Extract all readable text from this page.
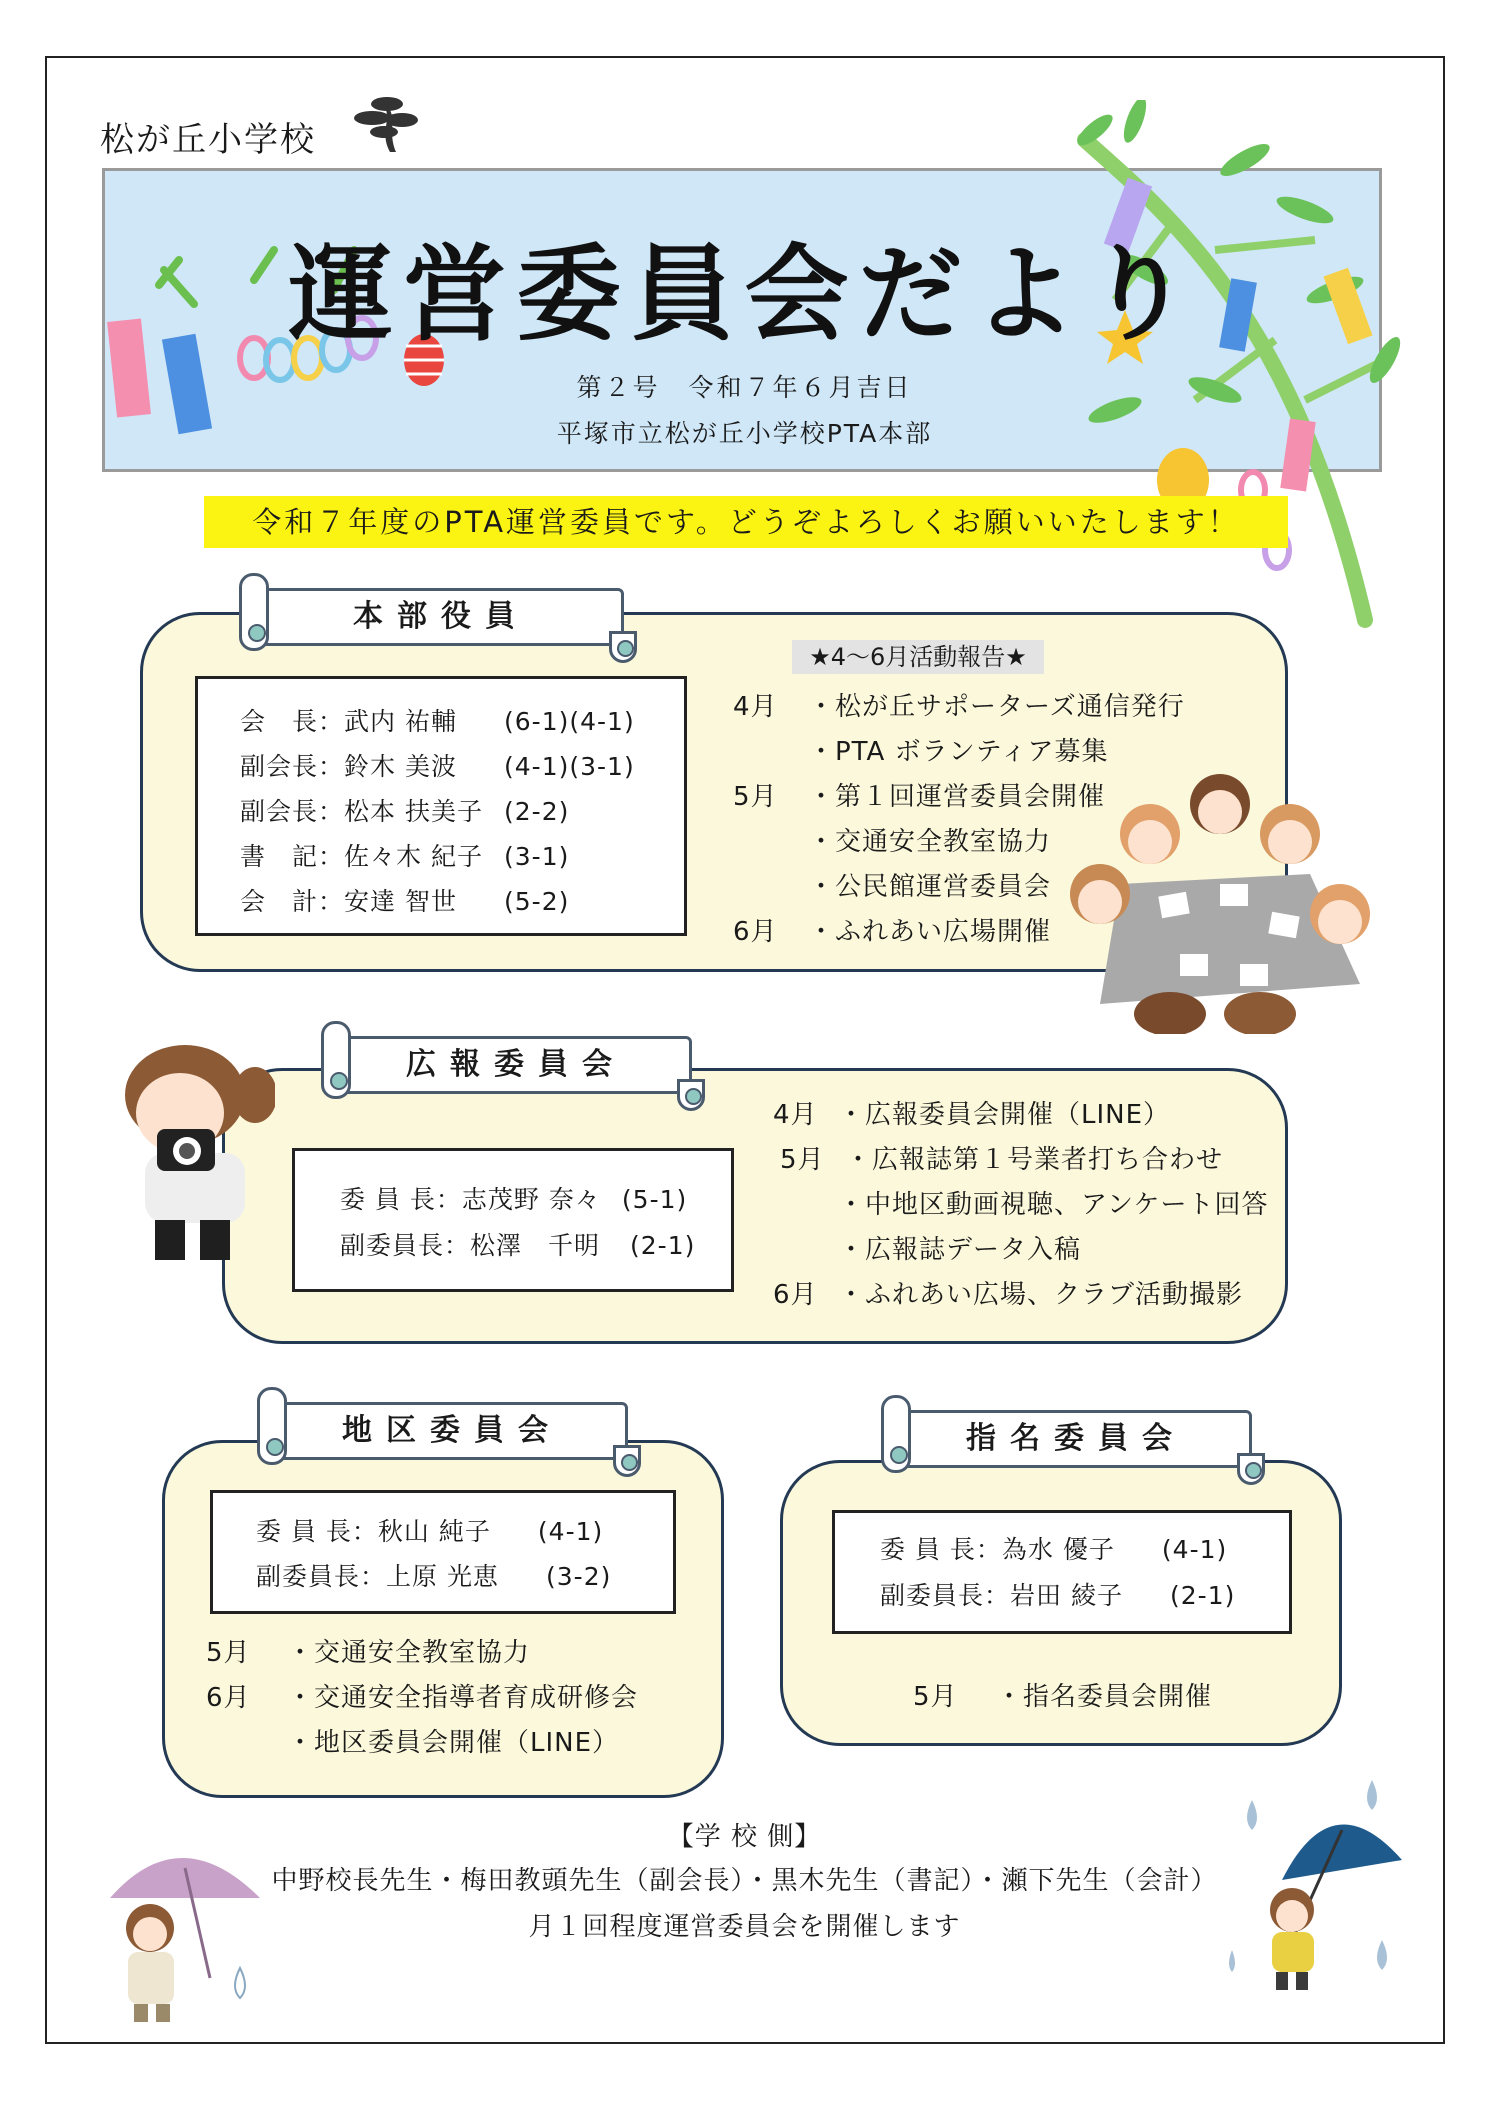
松が丘小学校
運営委員会だより
第２号　令和７年６月吉日
平塚市立松が丘小学校PTA本部
令和７年度のPTA運営委員です。どうぞよろしくお願いいたします！
本部役員
会　長：武内 祐輔 (6-1)(4-1)
副会長：鈴木 美波 (4-1)(3-1)
副会長：松本 扶美子 (2-2)
書　記：佐々木 紀子 (3-1)
会　計：安達 智世 (5-2)
★4～6月活動報告★
4月 ・松が丘サポーターズ通信発行
・PTA ボランティア募集
5月 ・第１回運営委員会開催
・交通安全教室協力
・公民館運営委員会
6月 ・ふれあい広場開催
広報委員会
委 員 長：志茂野 奈々 (5-1)
副委員長：松澤　千明 (2-1)
4月 ・広報委員会開催（LINE）
5月 ・広報誌第１号業者打ち合わせ
・中地区動画視聴、アンケート回答
・広報誌データ入稿
6月 ・ふれあい広場、クラブ活動撮影
地区委員会
委 員 長：秋山 純子 (4-1)
副委員長：上原 光恵 (3-2)
5月 ・交通安全教室協力
6月 ・交通安全指導者育成研修会
・地区委員会開催（LINE）
指名委員会
委 員 長：為水 優子 (4-1)
副委員長：岩田 綾子 (2-1)
5月 ・指名委員会開催
【学 校 側】
中野校長先生・梅田教頭先生（副会長）・黒木先生（書記）・瀬下先生（会計）
月１回程度運営委員会を開催します
